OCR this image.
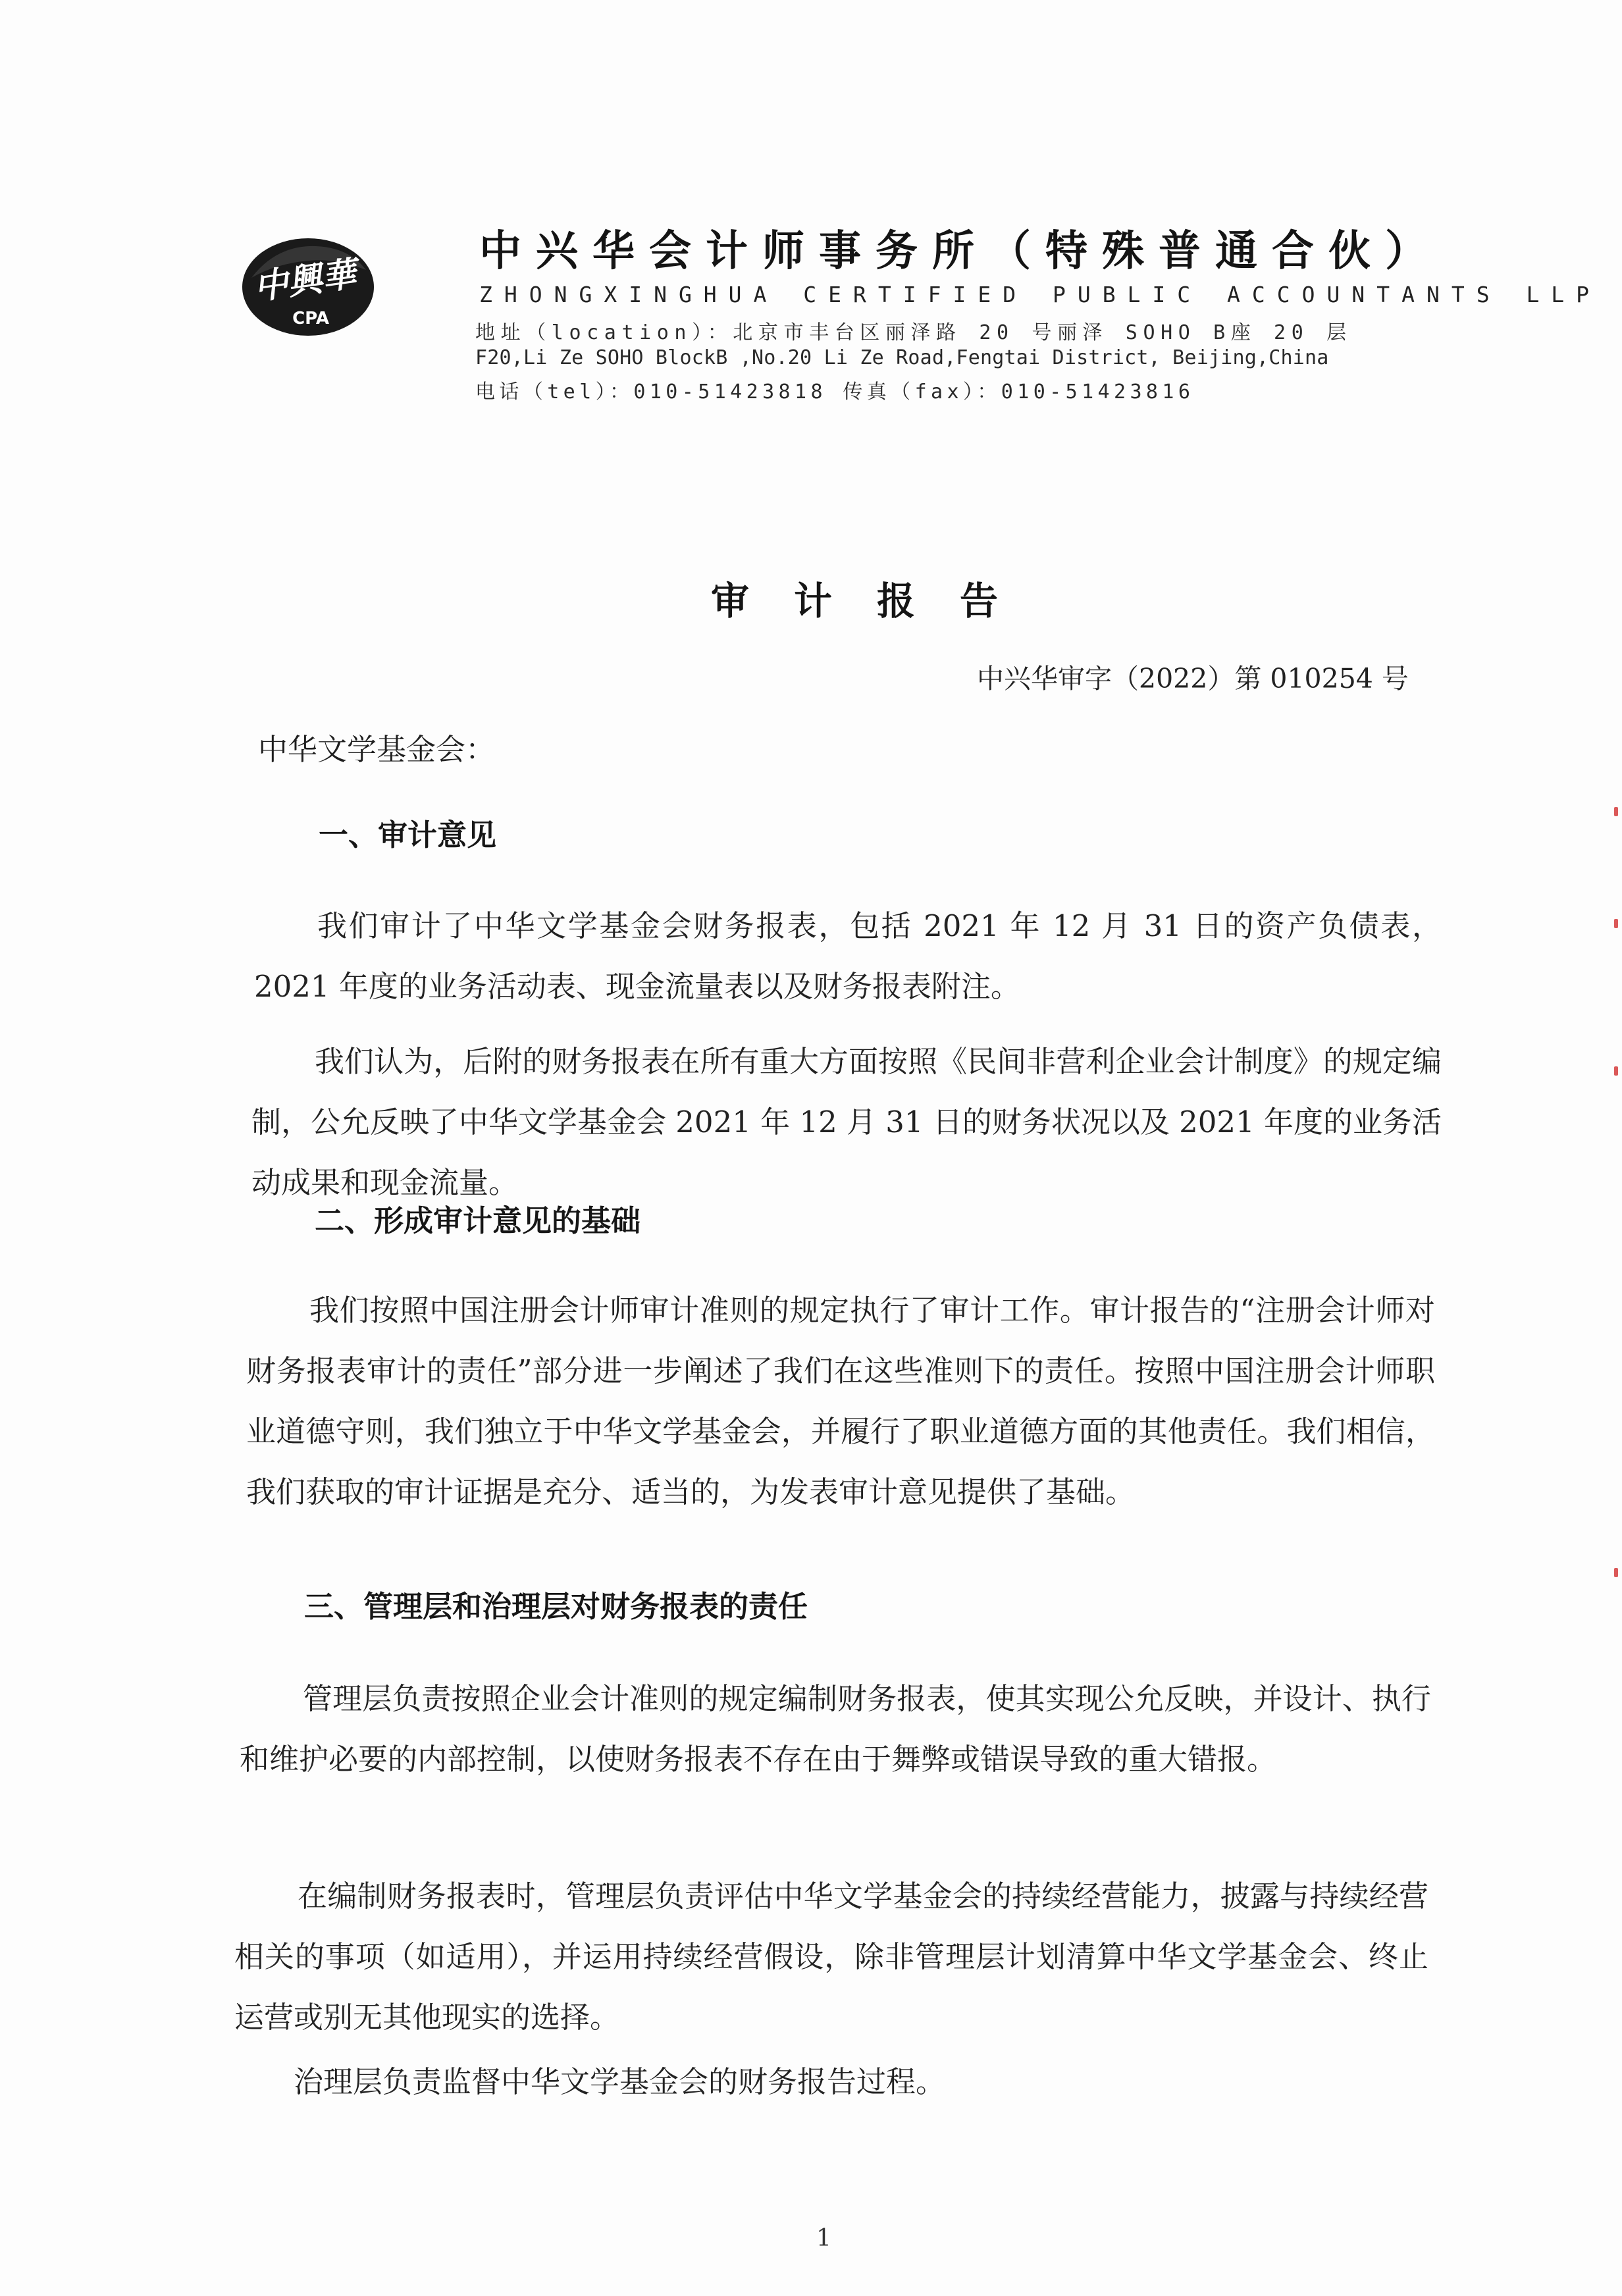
中興華
CPA
中兴华会计师事务所（特殊普通合伙）
ZHONGXINGHUA CERTIFIED PUBLIC ACCOUNTANTS LLP
地址（location）：北京市丰台区丽泽路 20 号丽泽 SOHO B座 20 层
F20,Li Ze SOHO BlockB ,No.20 Li Ze Road,Fengtai District, Beijing,China
电话（tel）：010-51423818 传真（fax）：010-51423816
审计报告
中兴华审字（2022）第 010254 号
中华文学基金会：
一、审计意见

我们审计了中华文学基金会财务报表，包括 2021 年 12 月 31 日的资产负债表，2021 年度的业务活动表、现金流量表以及财务报表附注。

我们认为，后附的财务报表在所有重大方面按照《民间非营利企业会计制度》的规定编制，公允反映了中华文学基金会 2021 年 12 月 31 日的财务状况以及 2021 年度的业务活动成果和现金流量。

二、形成审计意见的基础

我们按照中国注册会计师审计准则的规定执行了审计工作。审计报告的“注册会计师对财务报表审计的责任”部分进一步阐述了我们在这些准则下的责任。按照中国注册会计师职业道德守则，我们独立于中华文学基金会，并履行了职业道德方面的其他责任。我们相信，我们获取的审计证据是充分、适当的，为发表审计意见提供了基础。

三、管理层和治理层对财务报表的责任

管理层负责按照企业会计准则的规定编制财务报表，使其实现公允反映，并设计、执行和维护必要的内部控制，以使财务报表不存在由于舞弊或错误导致的重大错报。

在编制财务报表时，管理层负责评估中华文学基金会的持续经营能力，披露与持续经营相关的事项（如适用），并运用持续经营假设，除非管理层计划清算中华文学基金会、终止运营或别无其他现实的选择。

治理层负责监督中华文学基金会的财务报告过程。

1
